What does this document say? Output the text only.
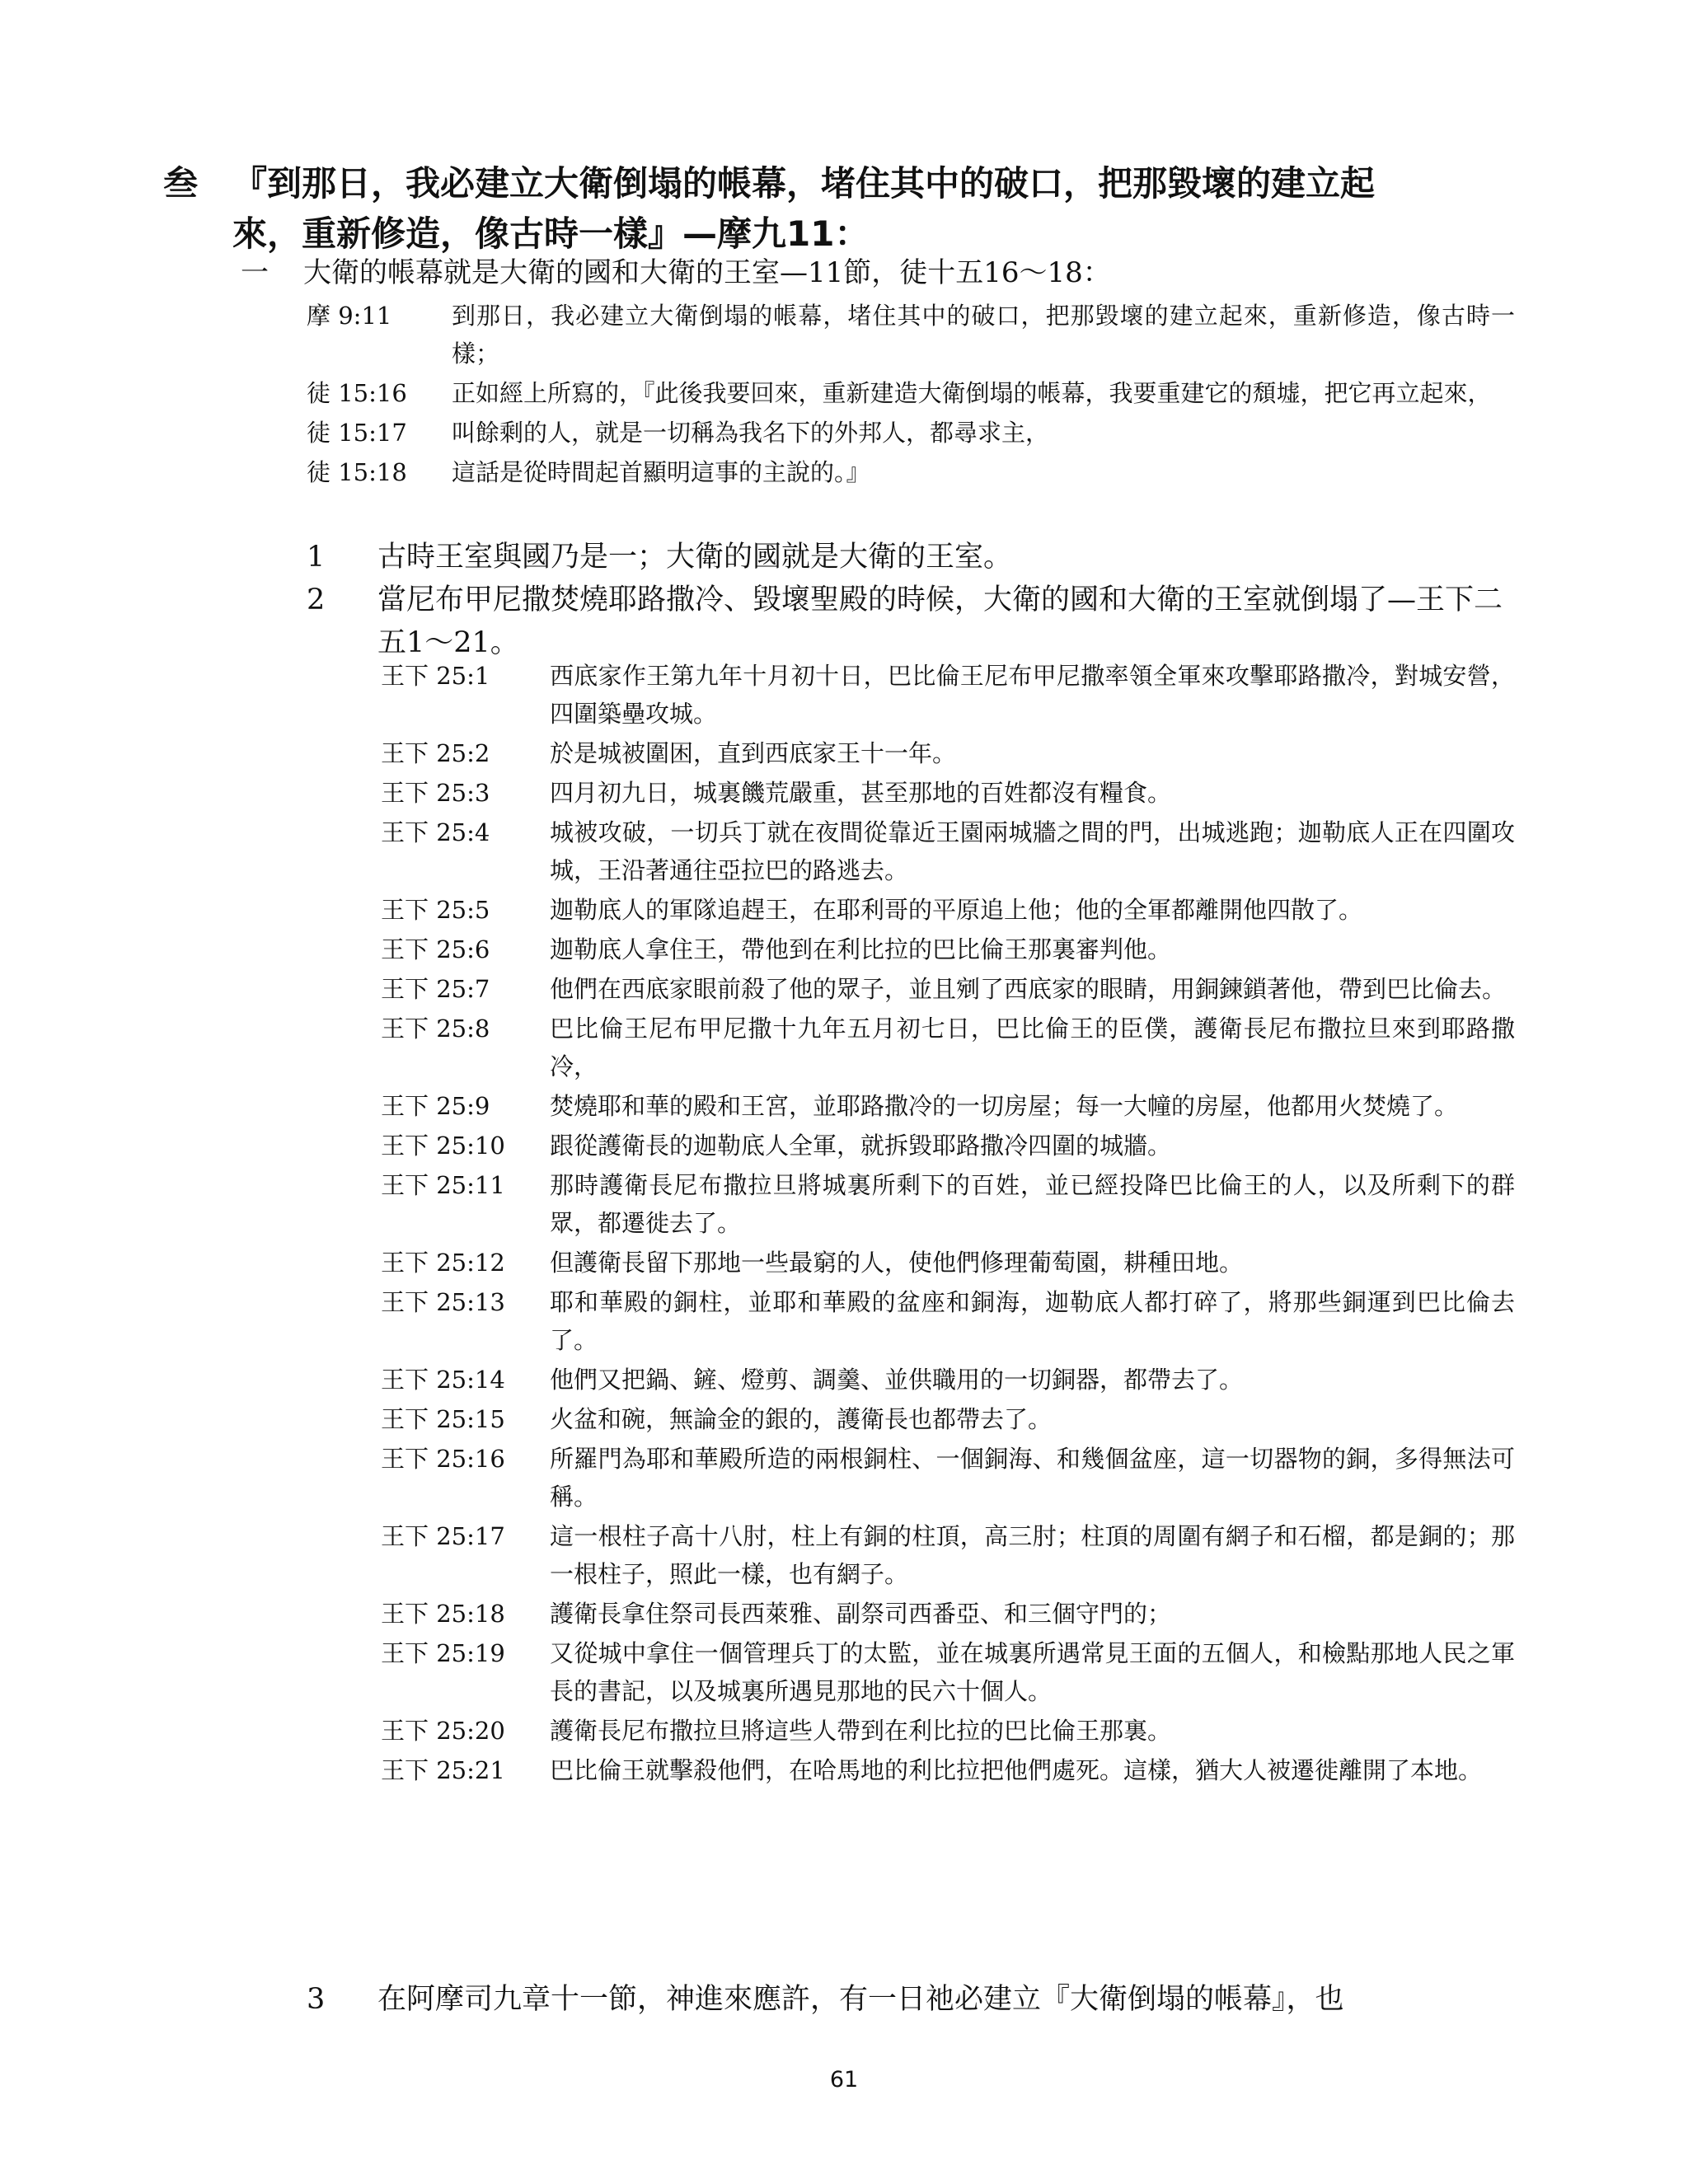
叁 『到那日，我必建立大衛倒塌的帳幕，堵住其中的破口，把那毀壞的建立起
來，重新修造，像古時一樣』—摩九11：
一 大衛的帳幕就是大衛的國和大衛的王室—11節，徒十五16～18：
摩 9:11	到那日，我必建立大衛倒塌的帳幕，堵住其中的破口，把那毀壞的建立起來，重新修造，像古時一樣；
徒 15:16 正如經上所寫的，『此後我要回來，重新建造大衛倒塌的帳幕，我要重建它的頹墟，把它再立起來，
徒 15:17 叫餘剩的人，就是一切稱為我名下的外邦人，都尋求主，
徒 15:18 這話是從時間起首顯明這事的主說的。』
1 古時王室與國乃是一；大衛的國就是大衛的王室。
2 當尼布甲尼撒焚燒耶路撒冷、毀壞聖殿的時候，大衛的國和大衛的王室就倒塌了—王下二五1～21。
王下 25:1	西底家作王第九年十月初十日，巴比倫王尼布甲尼撒率領全軍來攻擊耶路撒冷，對城安營，四圍築壘攻城。
王下 25:2	於是城被圍困，直到西底家王十一年。
王下 25:3	四月初九日，城裏饑荒嚴重，甚至那地的百姓都沒有糧食。
王下 25:4	城被攻破，一切兵丁就在夜間從靠近王園兩城牆之間的門，出城逃跑；迦勒底人正在四圍攻城，王沿著通往亞拉巴的路逃去。
王下 25:5	迦勒底人的軍隊追趕王，在耶利哥的平原追上他；他的全軍都離開他四散了。
王下 25:6	迦勒底人拿住王，帶他到在利比拉的巴比倫王那裏審判他。
王下 25:7	他們在西底家眼前殺了他的眾子，並且剜了西底家的眼睛，用銅鍊鎖著他，帶到巴比倫去。
王下 25:8	巴比倫王尼布甲尼撒十九年五月初七日，巴比倫王的臣僕，護衛長尼布撒拉旦來到耶路撒冷，
王下 25:9	焚燒耶和華的殿和王宮，並耶路撒冷的一切房屋；每一大幢的房屋，他都用火焚燒了。
王下 25:10 跟從護衛長的迦勒底人全軍，就拆毀耶路撒冷四圍的城牆。
王下 25:11 那時護衛長尼布撒拉旦將城裏所剩下的百姓，並已經投降巴比倫王的人，以及所剩下的群眾，都遷徙去了。
王下 25:12 但護衛長留下那地一些最窮的人，使他們修理葡萄園，耕種田地。
王下 25:13 耶和華殿的銅柱，並耶和華殿的盆座和銅海，迦勒底人都打碎了，將那些銅運到巴比倫去了。
王下 25:14 他們又把鍋、鏟、燈剪、調羹、並供職用的一切銅器，都帶去了。
王下 25:15 火盆和碗，無論金的銀的，護衛長也都帶去了。
王下 25:16 所羅門為耶和華殿所造的兩根銅柱、一個銅海、和幾個盆座，這一切器物的銅，多得無法可稱。
王下 25:17 這一根柱子高十八肘，柱上有銅的柱頂，高三肘；柱頂的周圍有網子和石榴，都是銅的；那一根柱子，照此一樣，也有網子。
王下 25:18 護衛長拿住祭司長西萊雅、副祭司西番亞、和三個守門的；
王下 25:19 又從城中拿住一個管理兵丁的太監，並在城裏所遇常見王面的五個人，和檢點那地人民之軍長的書記，以及城裏所遇見那地的民六十個人。
王下 25:20 護衛長尼布撒拉旦將這些人帶到在利比拉的巴比倫王那裏。
王下 25:21 巴比倫王就擊殺他們，在哈馬地的利比拉把他們處死。這樣，猶大人被遷徙離開了本地。
3 在阿摩司九章十一節，神進來應許，有一日祂必建立『大衛倒塌的帳幕』，也
61
